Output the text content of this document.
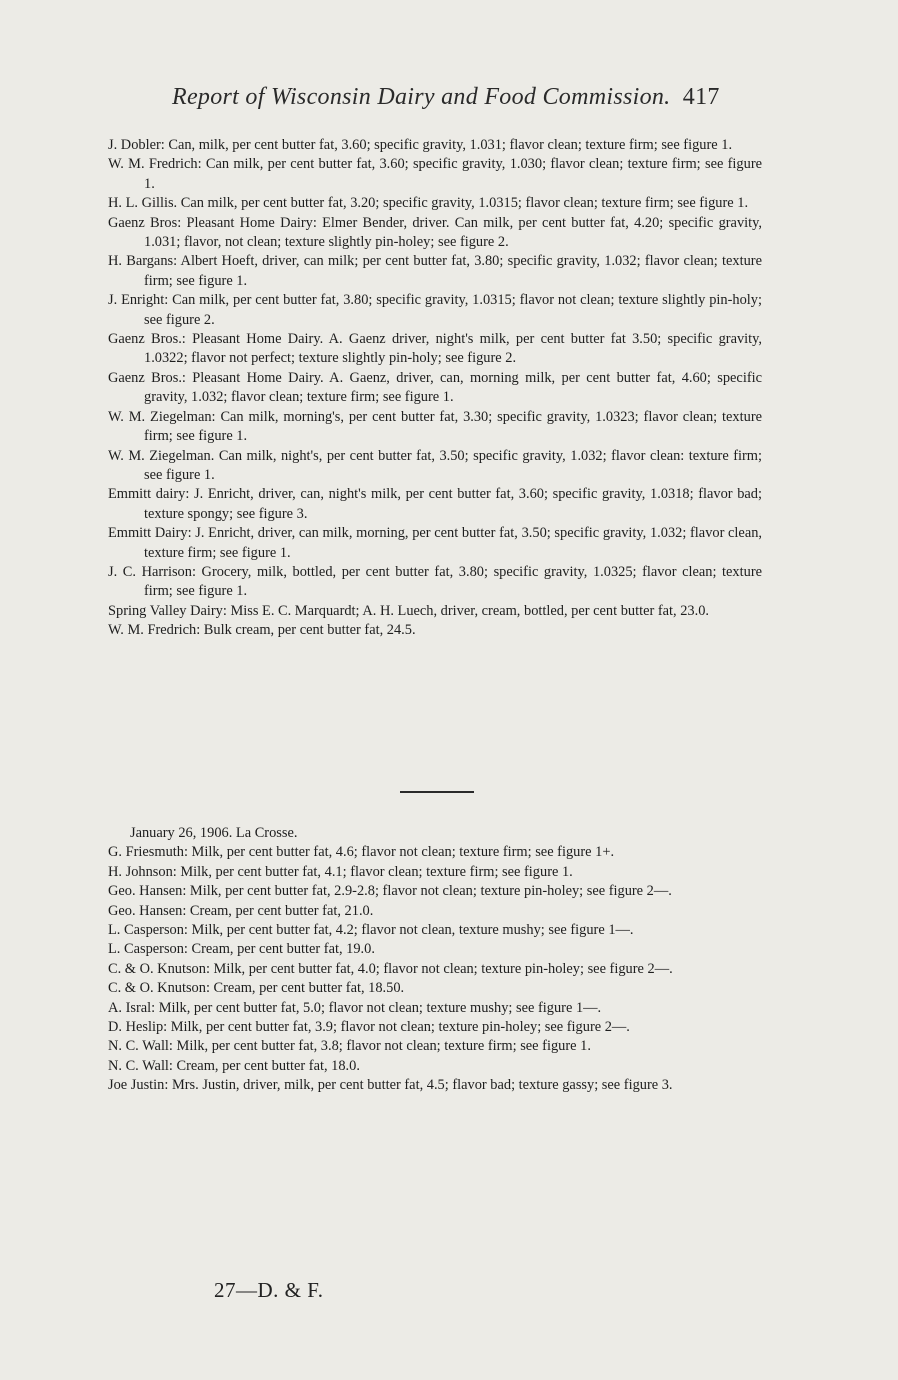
Report of Wisconsin Dairy and Food Commission. 417

J. Dobler: Can, milk, per cent butter fat, 3.60; specific gravity, 1.031; flavor clean; texture firm; see figure 1.

W. M. Fredrich: Can milk, per cent butter fat, 3.60; specific gravity, 1.030; flavor clean; texture firm; see figure 1.

H. L. Gillis. Can milk, per cent butter fat, 3.20; specific gravity, 1.0315; flavor clean; texture firm; see figure 1.

Gaenz Bros: Pleasant Home Dairy: Elmer Bender, driver. Can milk, per cent butter fat, 4.20; specific gravity, 1.031; flavor, not clean; texture slightly pin-holey; see figure 2.

H. Bargans: Albert Hoeft, driver, can milk; per cent butter fat, 3.80; specific gravity, 1.032; flavor clean; texture firm; see figure 1.

J. Enright: Can milk, per cent butter fat, 3.80; specific gravity, 1.0315; flavor not clean; texture slightly pin-holy; see figure 2.

Gaenz Bros.: Pleasant Home Dairy. A. Gaenz driver, night's milk, per cent butter fat 3.50; specific gravity, 1.0322; flavor not perfect; texture slightly pin-holy; see figure 2.

Gaenz Bros.: Pleasant Home Dairy. A. Gaenz, driver, can, morning milk, per cent butter fat, 4.60; specific gravity, 1.032; flavor clean; texture firm; see figure 1.

W. M. Ziegelman: Can milk, morning's, per cent butter fat, 3.30; specific gravity, 1.0323; flavor clean; texture firm; see figure 1.

W. M. Ziegelman. Can milk, night's, per cent butter fat, 3.50; specific gravity, 1.032; flavor clean: texture firm; see figure 1.

Emmitt dairy: J. Enricht, driver, can, night's milk, per cent butter fat, 3.60; specific gravity, 1.0318; flavor bad; texture spongy; see figure 3.

Emmitt Dairy: J. Enricht, driver, can milk, morning, per cent butter fat, 3.50; specific gravity, 1.032; flavor clean, texture firm; see figure 1.

J. C. Harrison: Grocery, milk, bottled, per cent butter fat, 3.80; specific gravity, 1.0325; flavor clean; texture firm; see figure 1.

Spring Valley Dairy: Miss E. C. Marquardt; A. H. Luech, driver, cream, bottled, per cent butter fat, 23.0.

W. M. Fredrich: Bulk cream, per cent butter fat, 24.5.

January 26, 1906. La Crosse.

G. Friesmuth: Milk, per cent butter fat, 4.6; flavor not clean; texture firm; see figure 1+.

H. Johnson: Milk, per cent butter fat, 4.1; flavor clean; texture firm; see figure 1.

Geo. Hansen: Milk, per cent butter fat, 2.9-2.8; flavor not clean; texture pin-holey; see figure 2—.

Geo. Hansen: Cream, per cent butter fat, 21.0.

L. Casperson: Milk, per cent butter fat, 4.2; flavor not clean, texture mushy; see figure 1—.

L. Casperson: Cream, per cent butter fat, 19.0.

C. & O. Knutson: Milk, per cent butter fat, 4.0; flavor not clean; texture pin-holey; see figure 2—.

C. & O. Knutson: Cream, per cent butter fat, 18.50.

A. Isral: Milk, per cent butter fat, 5.0; flavor not clean; texture mushy; see figure 1—.

D. Heslip: Milk, per cent butter fat, 3.9; flavor not clean; texture pin-holey; see figure 2—.

N. C. Wall: Milk, per cent butter fat, 3.8; flavor not clean; texture firm; see figure 1.

N. C. Wall: Cream, per cent butter fat, 18.0.

Joe Justin: Mrs. Justin, driver, milk, per cent butter fat, 4.5; flavor bad; texture gassy; see figure 3.

27—D. & F.
